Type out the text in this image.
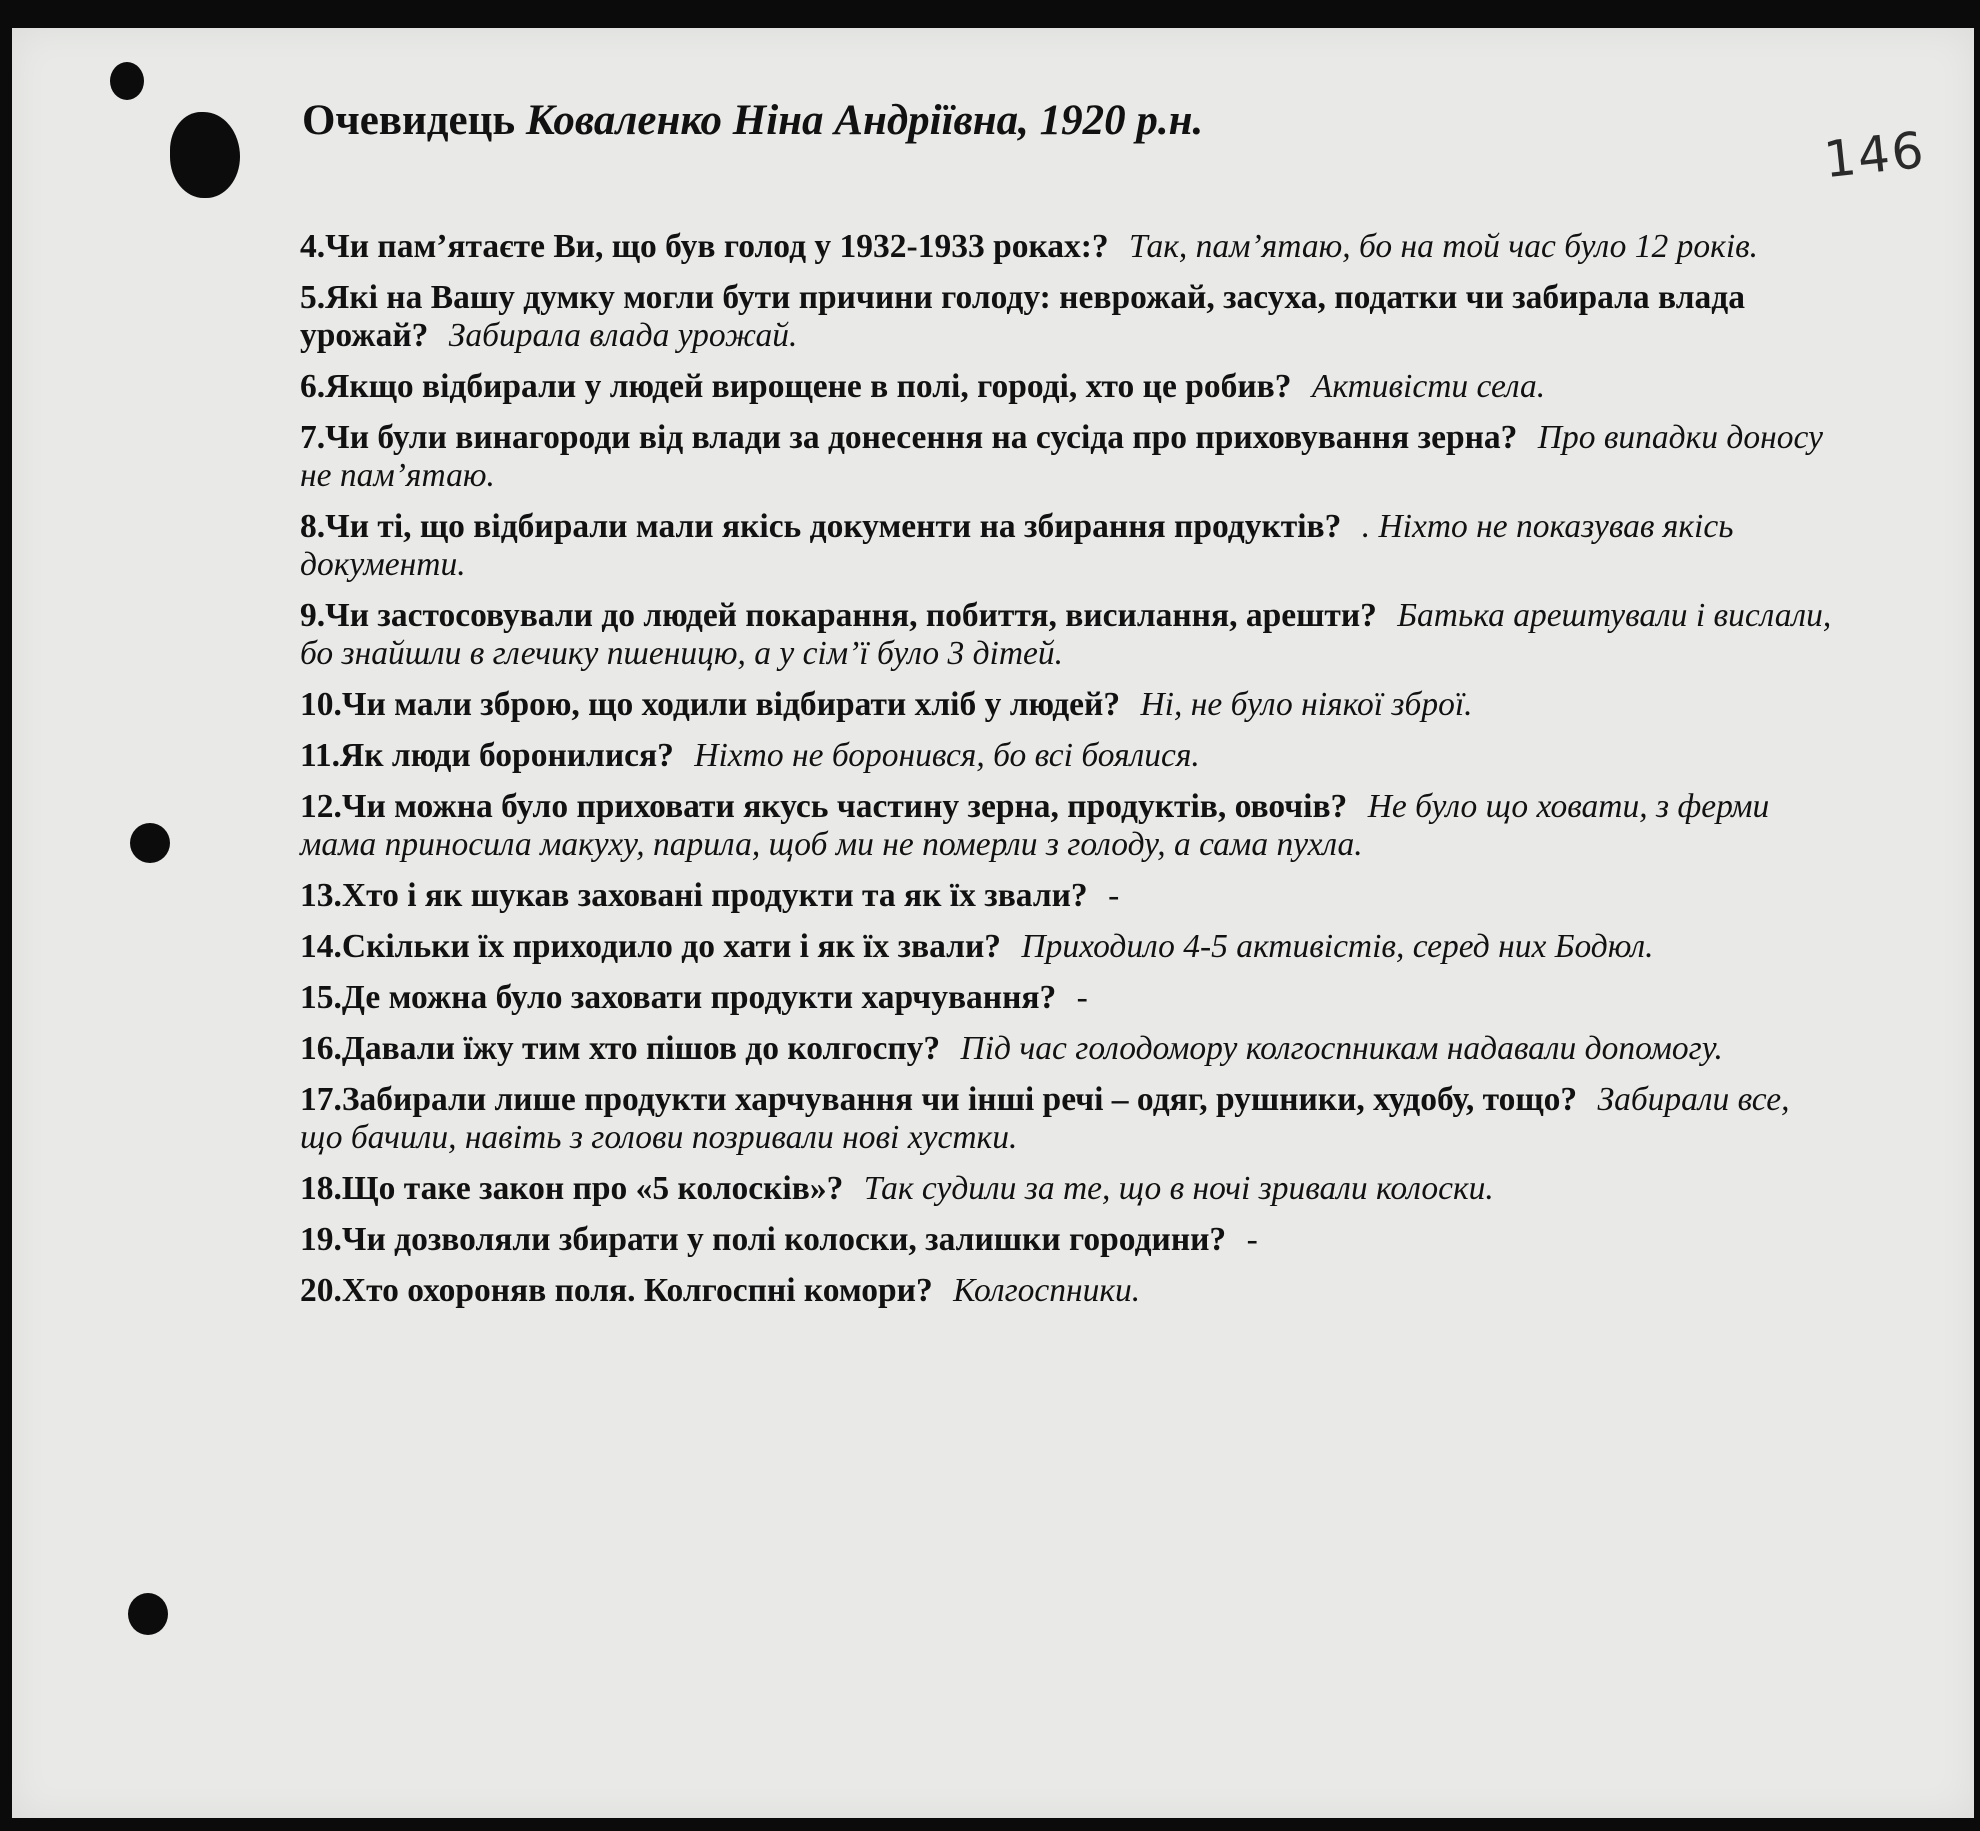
146
Очевидець Коваленко Ніна Андріївна, 1920 р.н.
4.Чи пам’ятаєте Ви, що був голод у 1932-1933 роках:? Так, пам’ятаю, бо на той час було 12 років.
5.Які на Вашу думку могли бути причини голоду: неврожай, засуха, податки чи забирала влада урожай? Забирала влада урожай.
6.Якщо відбирали у людей вирощене в полі, городі, хто це робив? Активісти села.
7.Чи були винагороди від влади за донесення на сусіда про приховування зерна? Про випадки доносу не пам’ятаю.
8.Чи ті, що відбирали мали якісь документи на збирання продуктів? . Ніхто не показував якісь документи.
9.Чи застосовували до людей покарання, побиття, висилання, арешти? Батька арештували і вислали, бо знайшли в глечику пшеницю, а у сім’ї було 3 дітей.
10.Чи мали зброю, що ходили відбирати хліб у людей? Ні, не було ніякої зброї.
11.Як люди боронилися? Ніхто не боронився, бо всі боялися.
12.Чи можна було приховати якусь частину зерна, продуктів, овочів? Не було що ховати, з ферми мама приносила макуху, парила, щоб ми не померли з голоду, а сама пухла.
13.Хто і як шукав заховані продукти та як їх звали? -
14.Скільки їх приходило до хати і як їх звали? Приходило 4-5 активістів, серед них Бодюл.
15.Де можна було заховати продукти харчування? -
16.Давали їжу тим хто пішов до колгоспу? Під час голодомору колгоспникам надавали допомогу.
17.Забирали лише продукти харчування чи інші речі – одяг, рушники, худобу, тощо? Забирали все, що бачили, навіть з голови позривали нові хустки.
18.Що таке закон про «5 колосків»? Так судили за те, що в ночі зривали колоски.
19.Чи дозволяли збирати у полі колоски, залишки городини? -
20.Хто охороняв поля. Колгоспні комори? Колгоспники.
